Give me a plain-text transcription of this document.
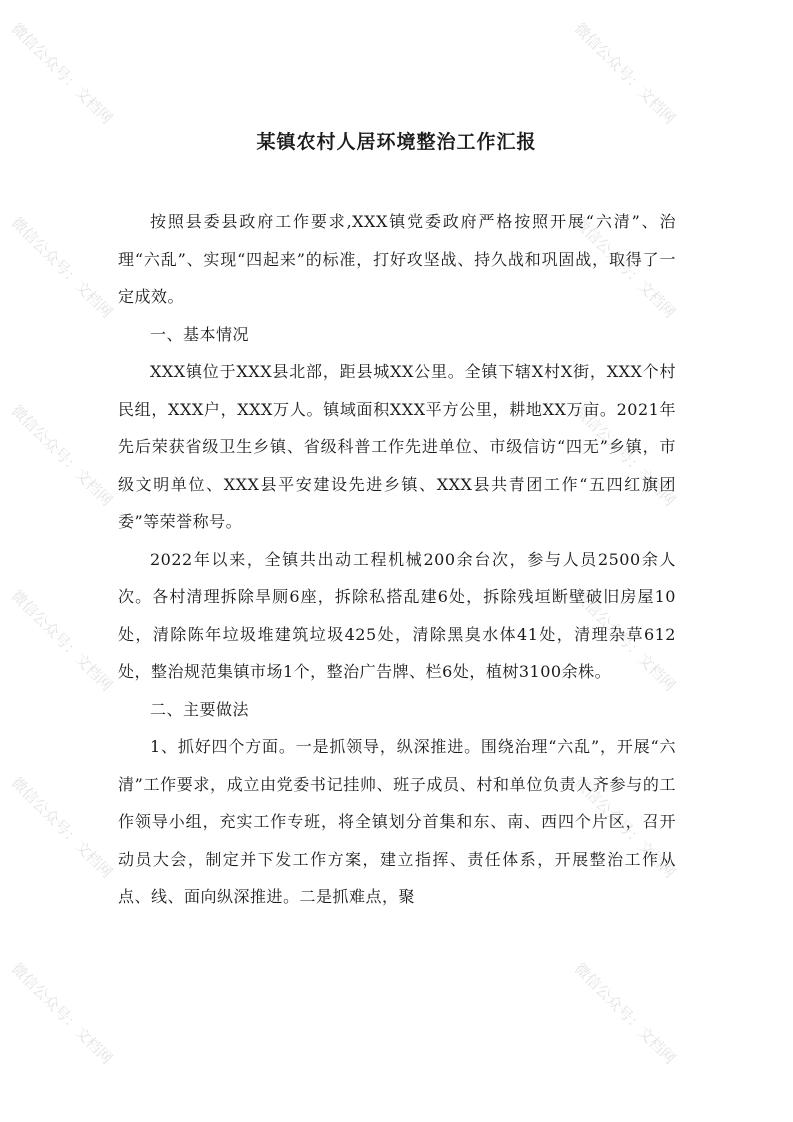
微信公众号：文档网	微信公众号：文档网
微信公众号：文档网	微信公众号：文档网
微信公众号：文档网	微信公众号：文档网
微信公众号：文档网	微信公众号：文档网
微信公众号：文档网	微信公众号：文档网
微信公众号：文档网	微信公众号：文档网
某镇农村人居环境整治工作汇报

按照县委县政府工作要求,XXX镇党委政府严格按照开展“六清”、治理“六乱”、实现“四起来”的标准，打好攻坚战、持久战和巩固战，取得了一定成效。

一、基本情况

XXX镇位于XXX县北部，距县城XX公里。全镇下辖X村X街，XXX个村民组，XXX户，XXX万人。镇域面积XXX平方公里，耕地XX万亩。2021年先后荣获省级卫生乡镇、省级科普工作先进单位、市级信访“四无”乡镇，市级文明单位、XXX县平安建设先进乡镇、XXX县共青团工作“五四红旗团委”等荣誉称号。

2022年以来，全镇共出动工程机械200余台次，参与人员2500余人次。各村清理拆除旱厕6座，拆除私搭乱建6处，拆除残垣断壁破旧房屋10处，清除陈年垃圾堆建筑垃圾425处，清除黑臭水体41处，清理杂草612处，整治规范集镇市场1个，整治广告牌、栏6处，植树3100余株。

二、主要做法

1、抓好四个方面。一是抓领导，纵深推进。围绕治理“六乱”，开展“六清”工作要求，成立由党委书记挂帅、班子成员、村和单位负责人齐参与的工作领导小组，充实工作专班，将全镇划分首集和东、南、西四个片区，召开动员大会，制定并下发工作方案，建立指挥、责任体系，开展整治工作从点、线、面向纵深推进。二是抓难点，聚
